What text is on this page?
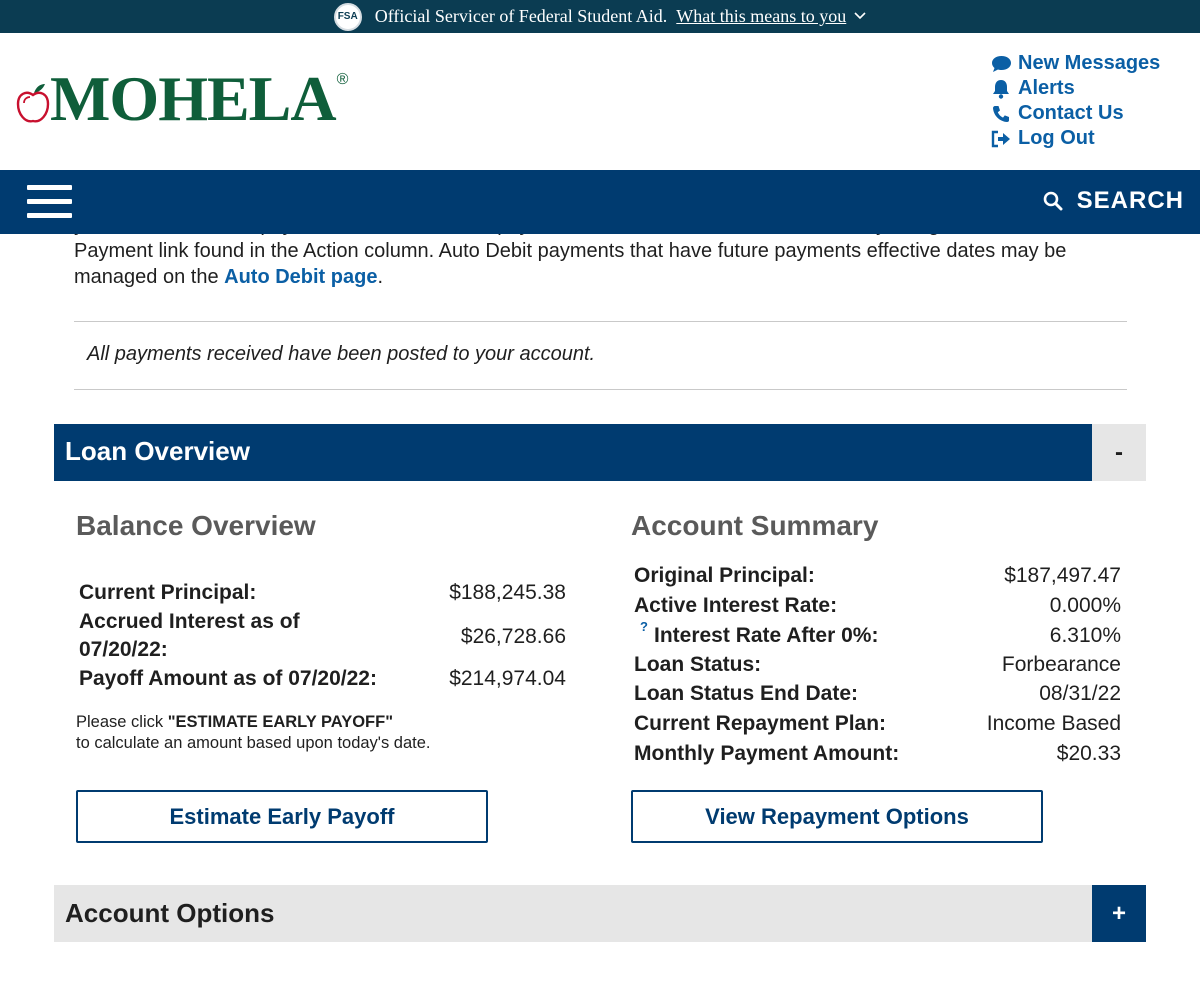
FSA Official Servicer of Federal Student Aid. What this means to you
MOHELA ®
New Messages
Alerts
Contact Us
Log Out
SEARCH
Payment link found in the Action column. Auto Debit payments that have future payments effective dates may be
managed on the Auto Debit page.
All payments received have been posted to your account.
Loan Overview	-
Balance Overview
Current Principal:	$188,245.38
Accrued Interest as of
07/20/22:
$26,728.66
Payoff Amount as of 07/20/22:	$214,974.04
Please click "ESTIMATE EARLY PAYOFF"
to calculate an amount based upon today's date.
Estimate Early Payoff
Account Summary
Original Principal:	$187,497.47
Active Interest Rate:	0.000%
? Interest Rate After 0%:	6.310%
Loan Status:	Forbearance
Loan Status End Date:	08/31/22
Current Repayment Plan:	Income Based
Monthly Payment Amount:	$20.33
View Repayment Options
Account Options	+
